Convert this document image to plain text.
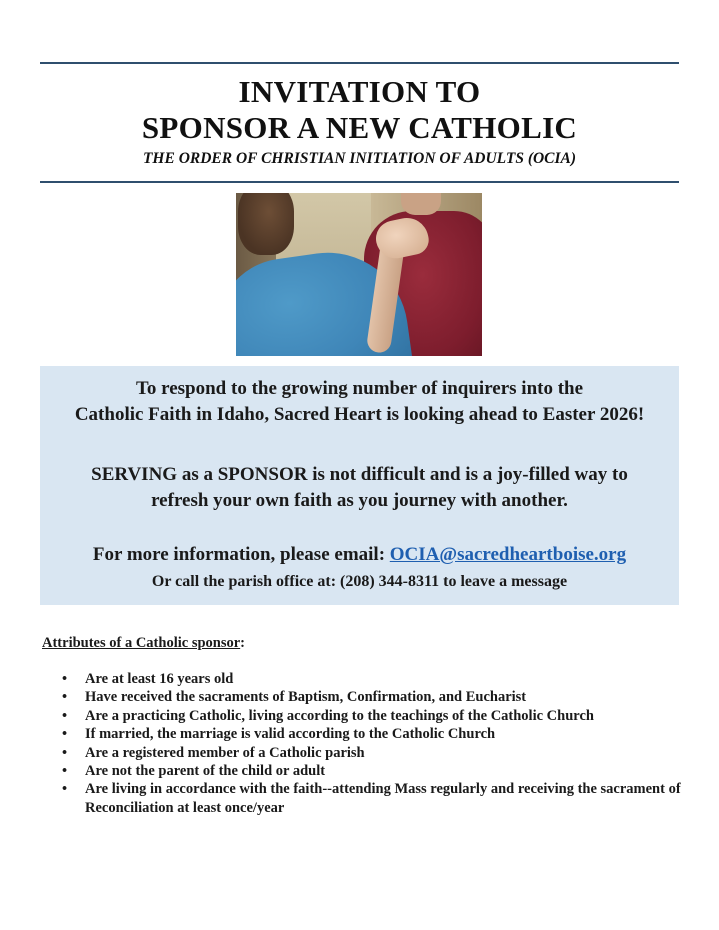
INVITATION TO
SPONSOR A NEW CATHOLIC
THE ORDER OF CHRISTIAN INITIATION OF ADULTS (OCIA)
To respond to the growing number of inquirers into the
Catholic Faith in Idaho, Sacred Heart is looking ahead to Easter 2026!
SERVING as a SPONSOR is not difficult and is a joy-filled way to
refresh your own faith as you journey with another.
For more information, please email: OCIA@sacredheartboise.org
Or call the parish office at: (208) 344-8311 to leave a message
Attributes of a Catholic sponsor:
• Are at least 16 years old
• Have received the sacraments of Baptism, Confirmation, and Eucharist
• Are a practicing Catholic, living according to the teachings of the Catholic Church
• If married, the marriage is valid according to the Catholic Church
• Are a registered member of a Catholic parish
• Are not the parent of the child or adult
• Are living in accordance with the faith--attending Mass regularly and receiving the sacrament of Reconciliation at least once/year
